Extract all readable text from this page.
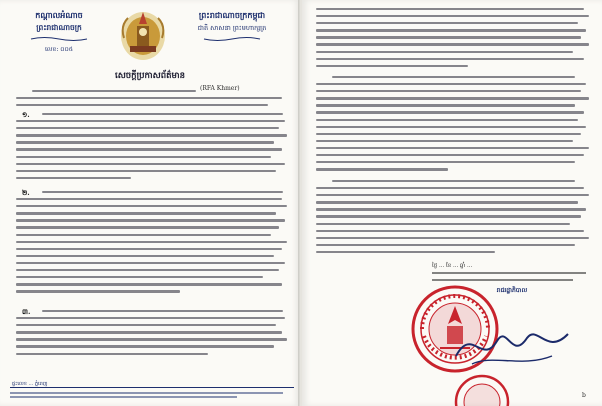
កណ្ដាលអំណាច
ព្រះរាជាណាចក្រ
លេខ: ០០៥
ព្រះរាជាណាចក្រកម្ពុជា
ជាតិ សាសនា ព្រះមហាក្សត្រ
សេចក្ដីប្រកាសព័ត៌មាន
(RFA Khmer)
១.
២.
៣.
ផ្ទះលេខ ... ភ្នំពេញ
ថ្ងៃ ... ខែ ... ឆ្នាំ ...
រាជរដ្ឋាភិបាល
b
